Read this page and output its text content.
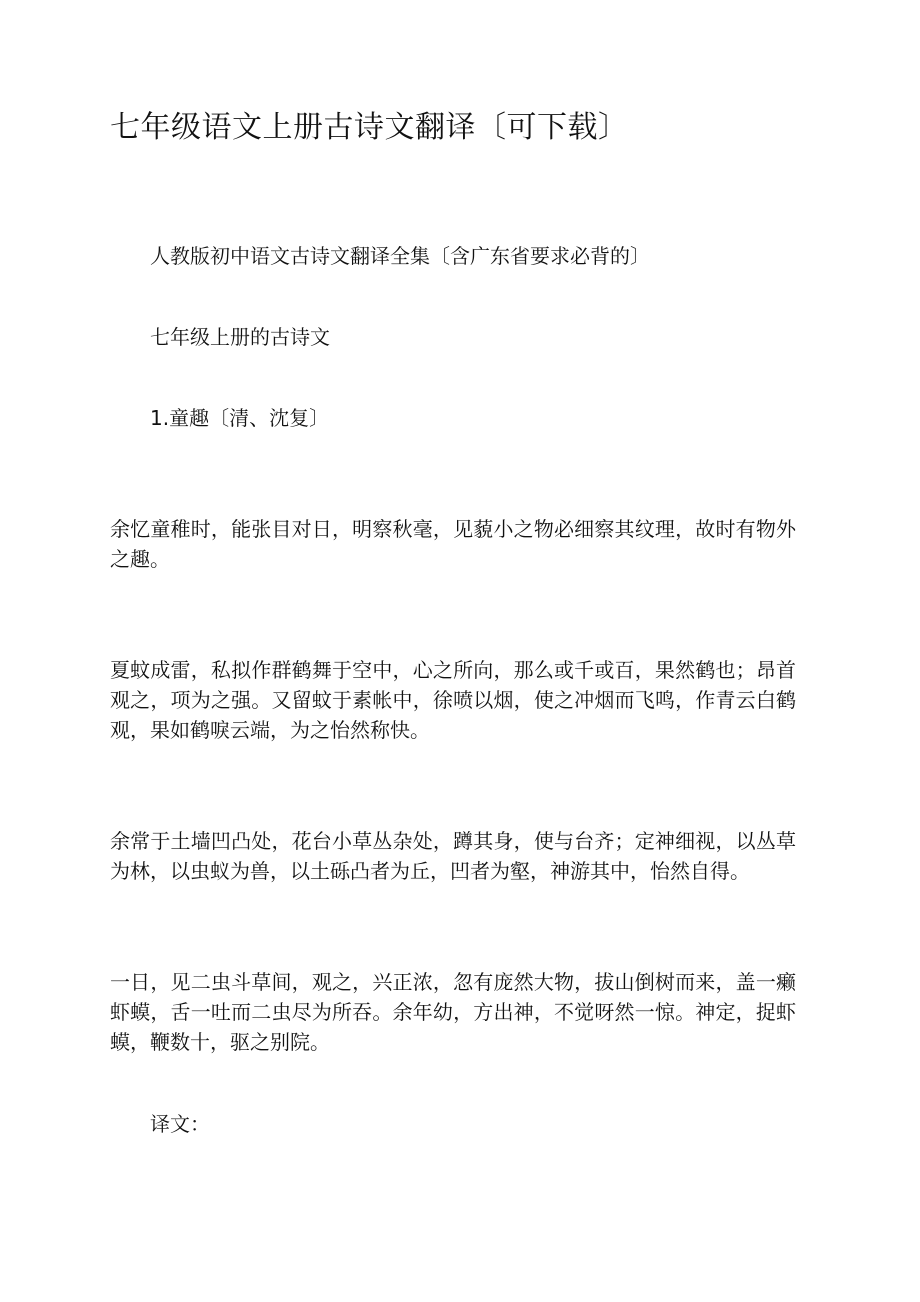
七年级语文上册古诗文翻译〔可下载〕

人教版初中语文古诗文翻译全集〔含广东省要求必背的〕

七年级上册的古诗文

1.童趣〔清、沈复〕

余忆童稚时，能张目对日，明察秋毫，见藐小之物必细察其纹理，故时有物外之趣。

夏蚊成雷，私拟作群鹤舞于空中，心之所向，那么或千或百，果然鹤也；昂首观之，项为之强。又留蚊于素帐中，徐喷以烟，使之冲烟而飞鸣，作青云白鹤观，果如鹤唳云端，为之怡然称快。

余常于土墙凹凸处，花台小草丛杂处，蹲其身，使与台齐；定神细视，以丛草为林，以虫蚁为兽，以土砾凸者为丘，凹者为壑，神游其中，怡然自得。

一日，见二虫斗草间，观之，兴正浓，忽有庞然大物，拔山倒树而来，盖一癞虾蟆，舌一吐而二虫尽为所吞。余年幼，方出神，不觉呀然一惊。神定，捉虾蟆，鞭数十，驱之别院。

译文：
